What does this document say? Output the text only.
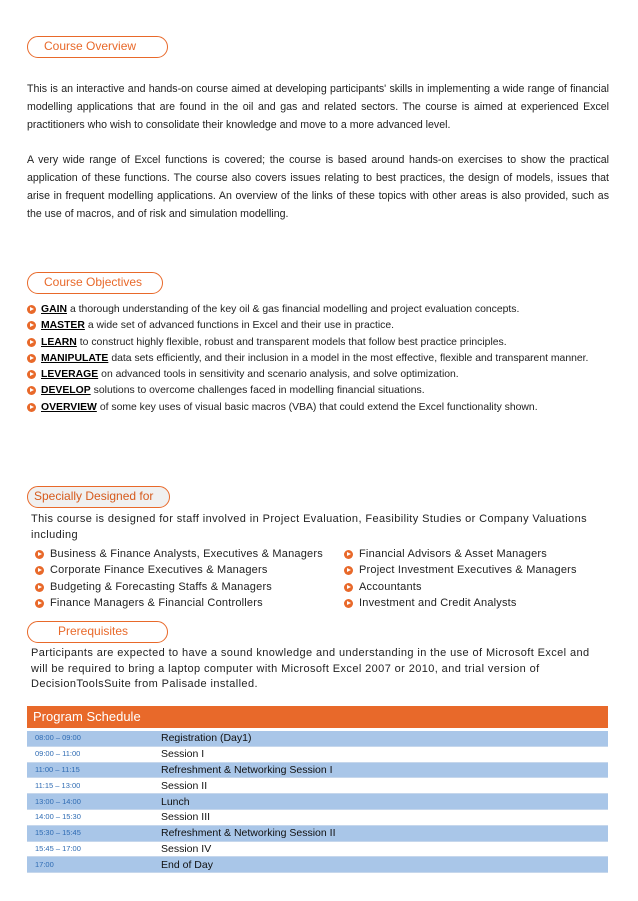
Course Overview

This is an interactive and hands-on course aimed at developing participants' skills in implementing a wide range of financial modelling applications that are found in the oil and gas and related sectors. The course is aimed at experienced Excel practitioners who wish to consolidate their knowledge and move to a more advanced level.

A very wide range of Excel functions is covered; the course is based around hands-on exercises to show the practical application of these functions. The course also covers issues relating to best practices, the design of models, issues that arise in frequent modelling applications. An overview of the links of these topics with other areas is also provided, such as the use of macros, and of risk and simulation modelling.

Course Objectives
GAIN a thorough understanding of the key oil & gas financial modelling and project evaluation concepts.
MASTER a wide set of advanced functions in Excel and their use in practice.
LEARN to construct highly flexible, robust and transparent models that follow best practice principles.
MANIPULATE data sets efficiently, and their inclusion in a model in the most effective, flexible and transparent manner.
LEVERAGE on advanced tools in sensitivity and scenario analysis, and solve optimization.
DEVELOP solutions to overcome challenges faced in modelling financial situations.
OVERVIEW of some key uses of visual basic macros (VBA) that could extend the Excel functionality shown.
Specially Designed for

This course is designed for staff involved in Project Evaluation, Feasibility Studies or Company Valuations including

Business & Finance Analysts, Executives & Managers
Corporate Finance Executives & Managers
Budgeting & Forecasting Staffs & Managers
Finance Managers & Financial Controllers
Financial Advisors & Asset Managers
Project Investment Executives & Managers
Accountants
Investment and Credit Analysts
Prerequisites

Participants are expected to have a sound knowledge and understanding in the use of Microsoft Excel and will be required to bring a laptop computer with Microsoft Excel 2007 or 2010, and trial version of DecisionToolsSuite from Palisade installed.

Program Schedule
08:00 – 09:00	Registration (Day1)
09:00 – 11:00	Session I
11:00 – 11:15	Refreshment & Networking Session I
11:15 – 13:00	Session II
13:00 – 14:00	Lunch
14:00 – 15:30	Session III
15:30 – 15:45	Refreshment & Networking Session II
15:45 – 17:00	Session IV
17:00	End of Day
